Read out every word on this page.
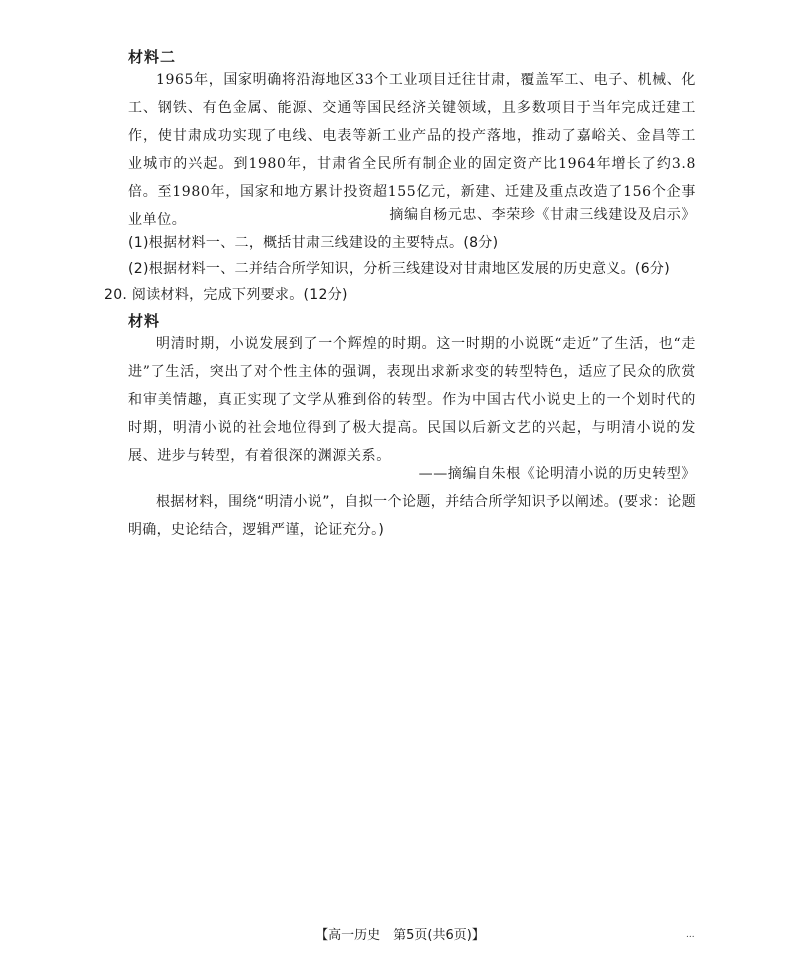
材料二
1965年，国家明确将沿海地区33个工业项目迁往甘肃，覆盖军工、电子、机械、化工、钢铁、有色金属、能源、交通等国民经济关键领域，且多数项目于当年完成迁建工作，使甘肃成功实现了电线、电表等新工业产品的投产落地，推动了嘉峪关、金昌等工业城市的兴起。到1980年，甘肃省全民所有制企业的固定资产比1964年增长了约3.8倍。至1980年，国家和地方累计投资超155亿元，新建、迁建及重点改造了156个企事业单位。	摘编自杨元忠、李荣珍《甘肃三线建设及启示》
(1)根据材料一、二，概括甘肃三线建设的主要特点。(8分)
(2)根据材料一、二并结合所学知识，分析三线建设对甘肃地区发展的历史意义。(6分)
20. 阅读材料，完成下列要求。(12分)
材料
明清时期，小说发展到了一个辉煌的时期。这一时期的小说既“走近”了生活，也“走进”了生活，突出了对个性主体的强调，表现出求新求变的转型特色，适应了民众的欣赏和审美情趣，真正实现了文学从雅到俗的转型。作为中国古代小说史上的一个划时代的时期，明清小说的社会地位得到了极大提高。民国以后新文艺的兴起，与明清小说的发展、进步与转型，有着很深的渊源关系。
——摘编自朱根《论明清小说的历史转型》
根据材料，围绕“明清小说”，自拟一个论题，并结合所学知识予以阐述。(要求：论题明确，史论结合，逻辑严谨，论证充分。)
【高一历史　第5页(共6页)】	...
